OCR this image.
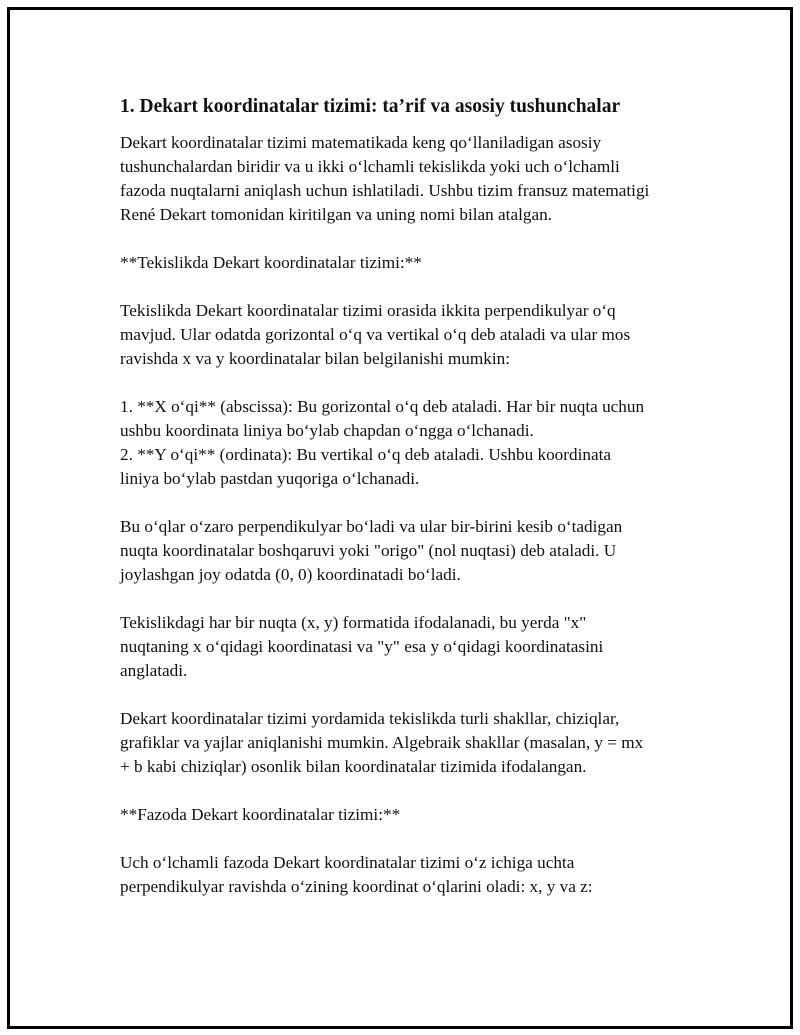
1. Dekart koordinatalar tizimi: ta’rif va asosiy tushunchalar
Dekart koordinatalar tizimi matematikada keng qoʻllaniladigan asosiy
tushunchalardan biridir va u ikki oʻlchamli tekislikda yoki uch oʻlchamli
fazoda nuqtalarni aniqlash uchun ishlatiladi. Ushbu tizim fransuz matematigi
René Dekart tomonidan kiritilgan va uning nomi bilan atalgan.
**Tekislikda Dekart koordinatalar tizimi:**
Tekislikda Dekart koordinatalar tizimi orasida ikkita perpendikulyar oʻq
mavjud. Ular odatda gorizontal oʻq va vertikal oʻq deb ataladi va ular mos
ravishda x va y koordinatalar bilan belgilanishi mumkin:
1. **X oʻqi** (abscissa): Bu gorizontal oʻq deb ataladi. Har bir nuqta uchun
ushbu koordinata liniya boʻylab chapdan oʻngga oʻlchanadi.
2. **Y oʻqi** (ordinata): Bu vertikal oʻq deb ataladi. Ushbu koordinata
liniya boʻylab pastdan yuqoriga oʻlchanadi.
Bu oʻqlar oʻzaro perpendikulyar boʻladi va ular bir-birini kesib oʻtadigan
nuqta koordinatalar boshqaruvi yoki "origo" (nol nuqtasi) deb ataladi. U
joylashgan joy odatda (0, 0) koordinatadi boʻladi.
Tekislikdagi har bir nuqta (x, y) formatida ifodalanadi, bu yerda "x"
nuqtaning x oʻqidagi koordinatasi va "y" esa y oʻqidagi koordinatasini
anglatadi.
Dekart koordinatalar tizimi yordamida tekislikda turli shakllar, chiziqlar,
grafiklar va yajlar aniqlanishi mumkin. Algebraik shakllar (masalan, y = mx
+ b kabi chiziqlar) osonlik bilan koordinatalar tizimida ifodalangan.
**Fazoda Dekart koordinatalar tizimi:**
Uch oʻlchamli fazoda Dekart koordinatalar tizimi oʻz ichiga uchta
perpendikulyar ravishda oʻzining koordinat oʻqlarini oladi: x, y va z:
